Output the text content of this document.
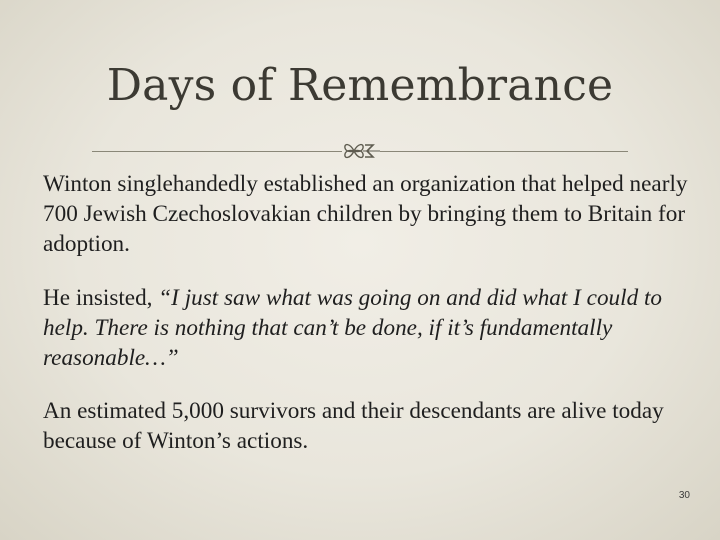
Days of Remembrance

Winton singlehandedly established an organization that helped nearly 700 Jewish Czechoslovakian children by bringing them to Britain for adoption.

He insisted, “I just saw what was going on and did what I could to help. There is nothing that can’t be done, if it’s fundamentally reasonable…”

An estimated 5,000 survivors and their descendants are alive today because of Winton’s actions.

30
